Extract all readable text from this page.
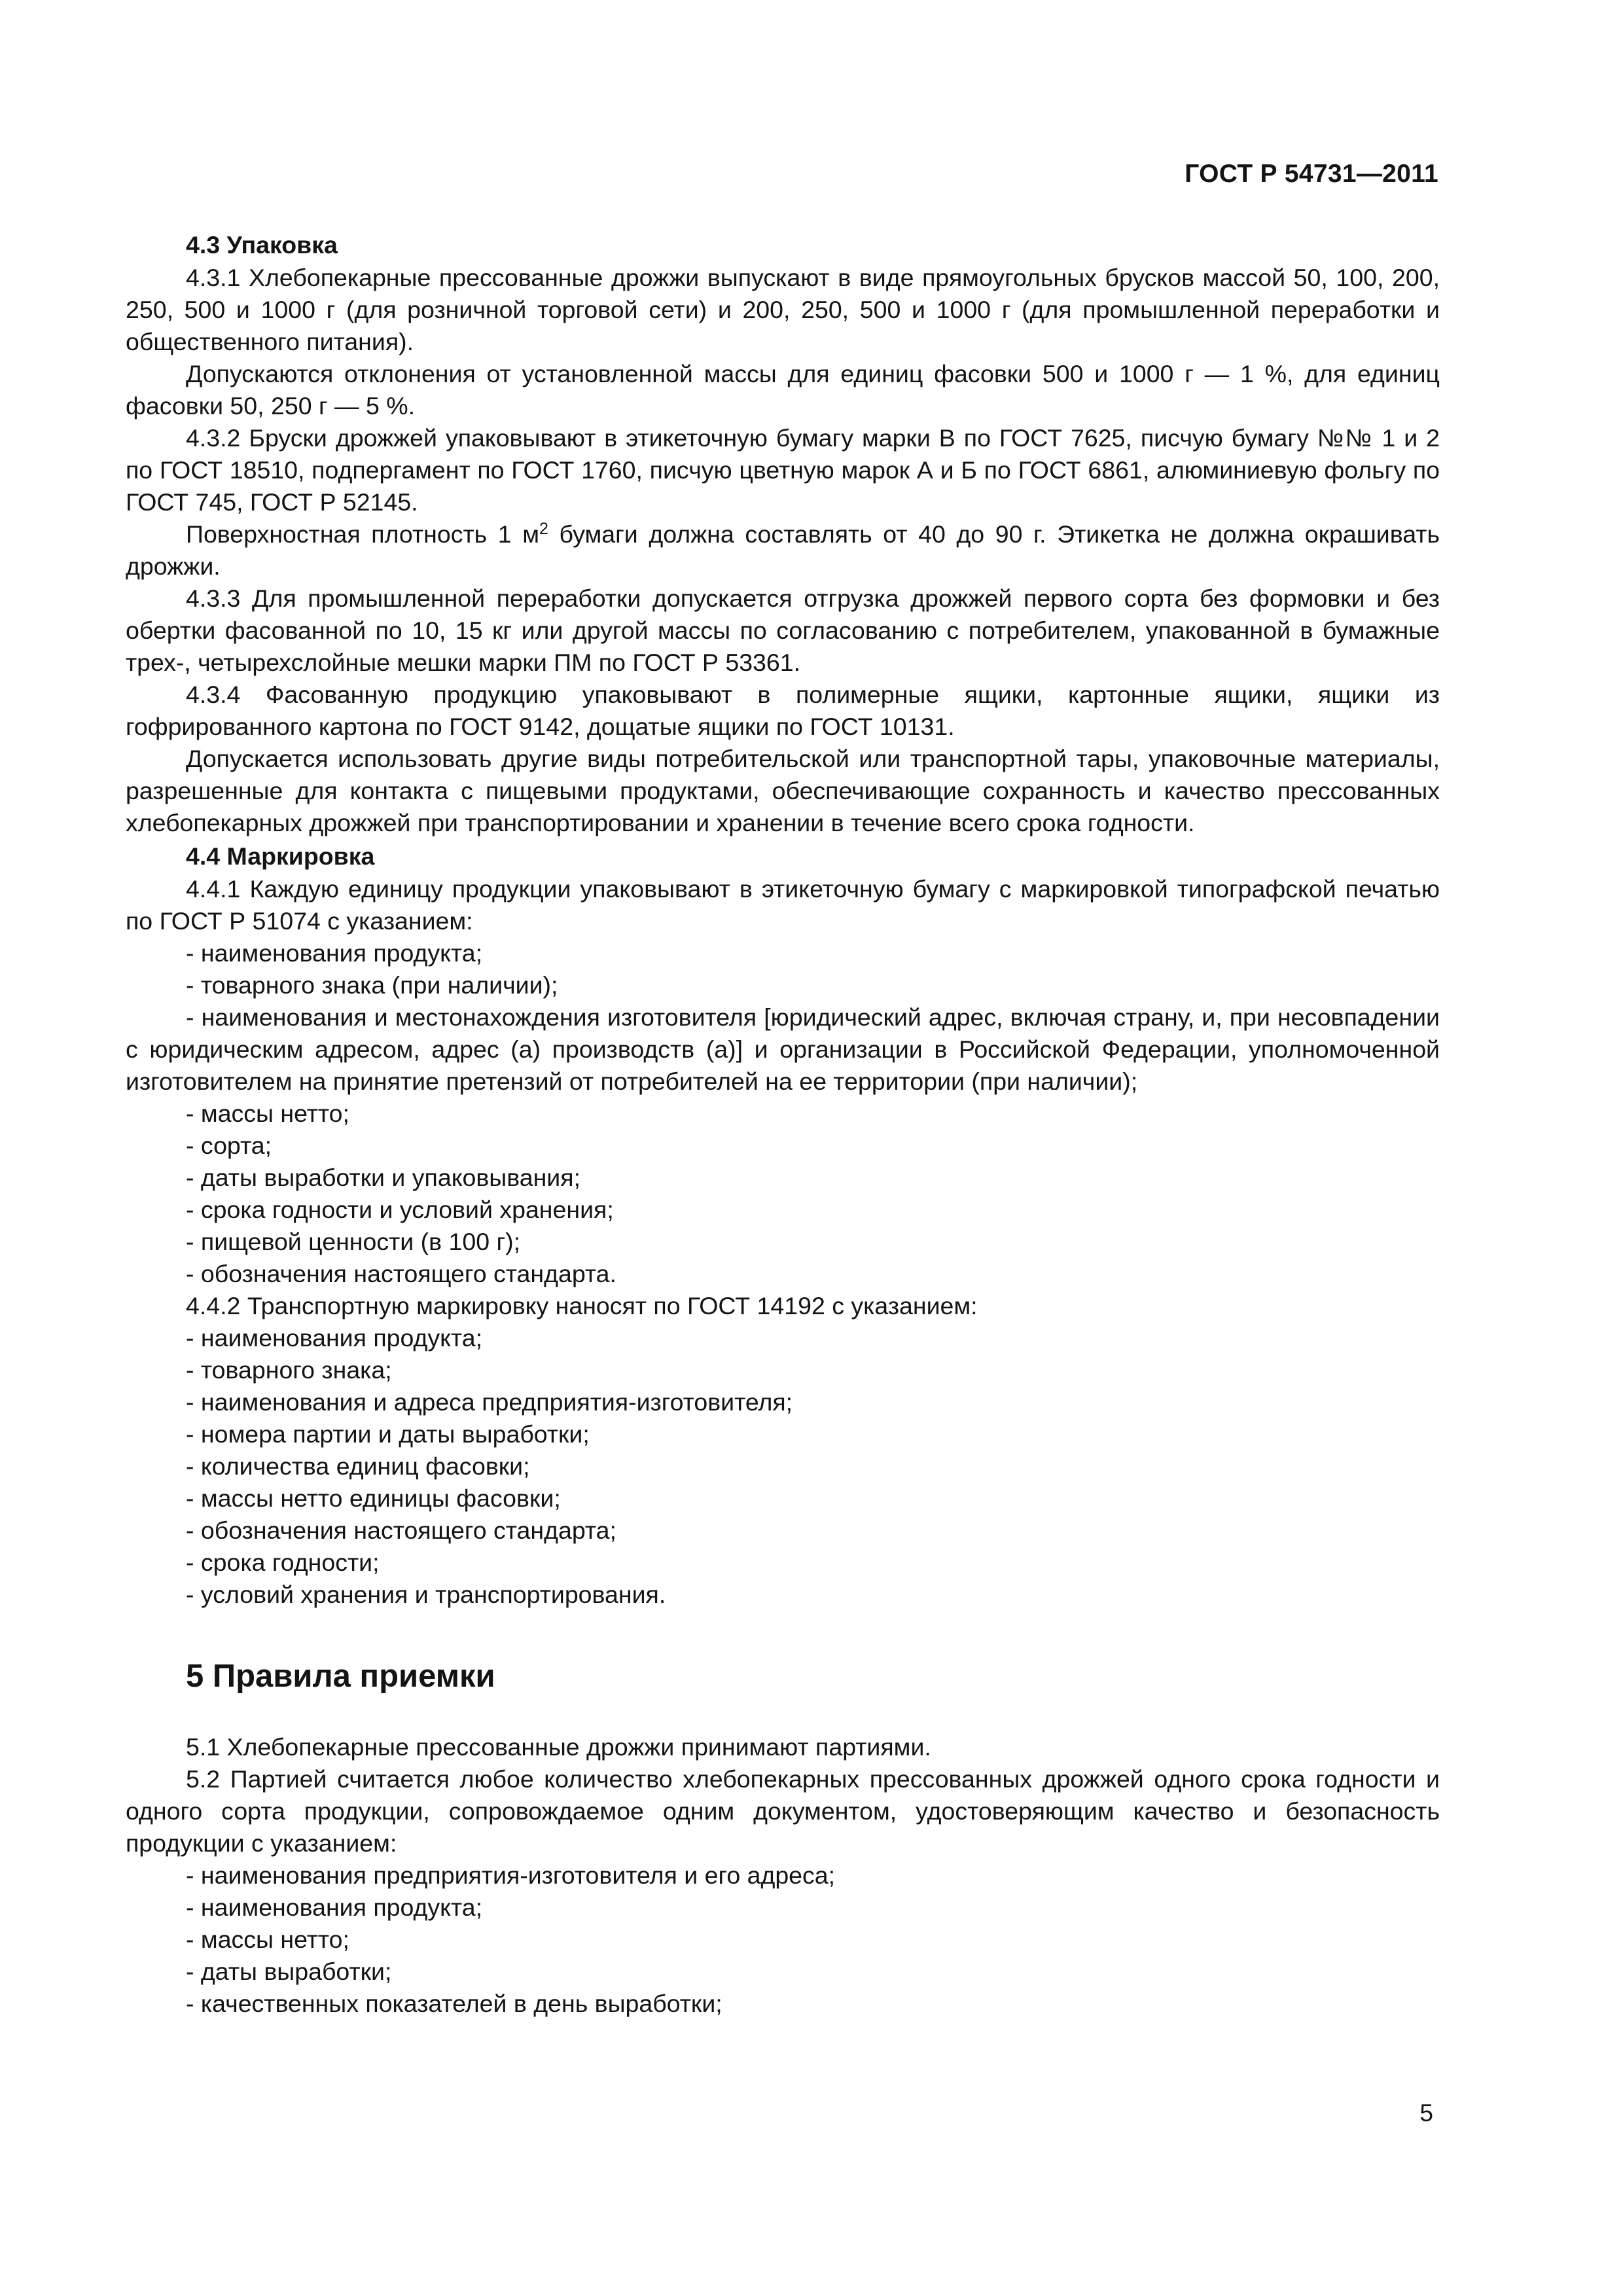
ГОСТ Р 54731—2011
4.3 Упаковка

4.3.1 Хлебопекарные прессованные дрожжи выпускают в виде прямоугольных брусков массой 50, 100, 200, 250, 500 и 1000 г (для розничной торговой сети) и 200, 250, 500 и 1000 г (для промышленной переработки и общественного питания).

Допускаются отклонения от установленной массы для единиц фасовки 500 и 1000 г — 1 %, для единиц фасовки 50, 250 г — 5 %.

4.3.2 Бруски дрожжей упаковывают в этикеточную бумагу марки В по ГОСТ 7625, писчую бумагу №№ 1 и 2 по ГОСТ 18510, подпергамент по ГОСТ 1760, писчую цветную марок А и Б по ГОСТ 6861, алюминиевую фольгу по ГОСТ 745, ГОСТ Р 52145.

Поверхностная плотность 1 $м^2$ бумаги должна составлять от 40 до 90 г. Этикетка не должна окрашивать дрожжи.

4.3.3 Для промышленной переработки допускается отгрузка дрожжей первого сорта без формовки и без обертки фасованной по 10, 15 кг или другой массы по согласованию с потребителем, упакованной в бумажные трех-, четырехслойные мешки марки ПМ по ГОСТ Р 53361.

4.3.4 Фасованную продукцию упаковывают в полимерные ящики, картонные ящики, ящики из гофрированного картона по ГОСТ 9142, дощатые ящики по ГОСТ 10131.

Допускается использовать другие виды потребительской или транспортной тары, упаковочные материалы, разрешенные для контакта с пищевыми продуктами, обеспечивающие сохранность и качество прессованных хлебопекарных дрожжей при транспортировании и хранении в течение всего срока годности.

4.4 Маркировка

4.4.1 Каждую единицу продукции упаковывают в этикеточную бумагу с маркировкой типографской печатью по ГОСТ Р 51074 с указанием:

- наименования продукта;
- товарного знака (при наличии);

- наименования и местонахождения изготовителя [юридический адрес, включая страну, и, при несовпадении с юридическим адресом, адрес (а) производств (а)] и организации в Российской Федерации, уполномоченной изготовителем на принятие претензий от потребителей на ее территории (при наличии);

- массы нетто;
- сорта;
- даты выработки и упаковывания;
- срока годности и условий хранения;
- пищевой ценности (в 100 г);
- обозначения настоящего стандарта.

4.4.2 Транспортную маркировку наносят по ГОСТ 14192 с указанием:

- наименования продукта;
- товарного знака;
- наименования и адреса предприятия-изготовителя;
- номера партии и даты выработки;
- количества единиц фасовки;
- массы нетто единицы фасовки;
- обозначения настоящего стандарта;
- срока годности;
- условий хранения и транспортирования.
5 Правила приемки

5.1 Хлебопекарные прессованные дрожжи принимают партиями.

5.2 Партией считается любое количество хлебопекарных прессованных дрожжей одного срока годности и одного сорта продукции, сопровождаемое одним документом, удостоверяющим качество и безопасность продукции с указанием:

- наименования предприятия-изготовителя и его адреса;
- наименования продукта;
- массы нетто;
- даты выработки;
- качественных показателей в день выработки;
5
